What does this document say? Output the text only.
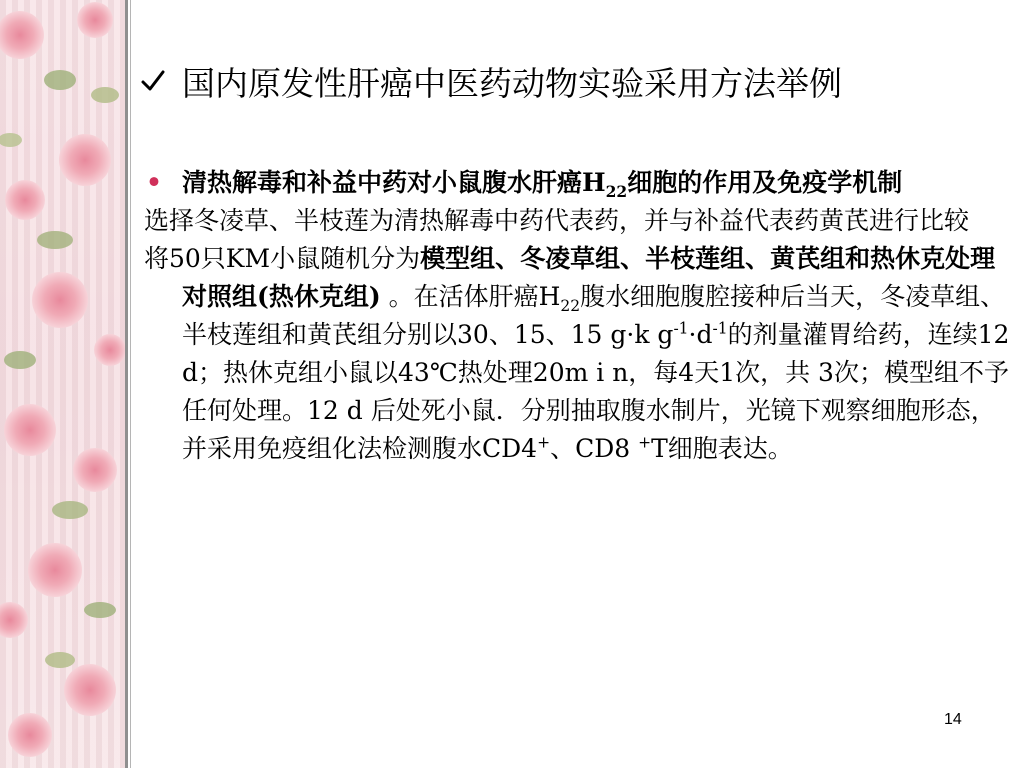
国内原发性肝癌中医药动物实验采用方法举例
• 清热解毒和补益中药对小鼠腹水肝癌$H_{22}$细胞的作用及免疫学机制
选择冬凌草、半枝莲为清热解毒中药代表药，并与补益代表药黄芪进行比较
将50只KM小鼠随机分为模型组、冬凌草组、半枝莲组、黄芪组和热休克处理对照组(热休克组) 。在活体肝癌$H_{22}$腹水细胞腹腔接种后当天，冬凌草组、半枝莲组和黄芪组分别以30、15、15 g·k $g^{-1}\cdot d^{-1}$的剂量灌胃给药，连续12 d；热休克组小鼠以43℃热处理20m i n，每4天1次，共 3次；模型组不予任何处理。12 d 后处死小鼠．分别抽取腹水制片，光镜下观察细胞形态，并采用免疫组化法检测腹水CD4+、CD8 +T细胞表达。
14
